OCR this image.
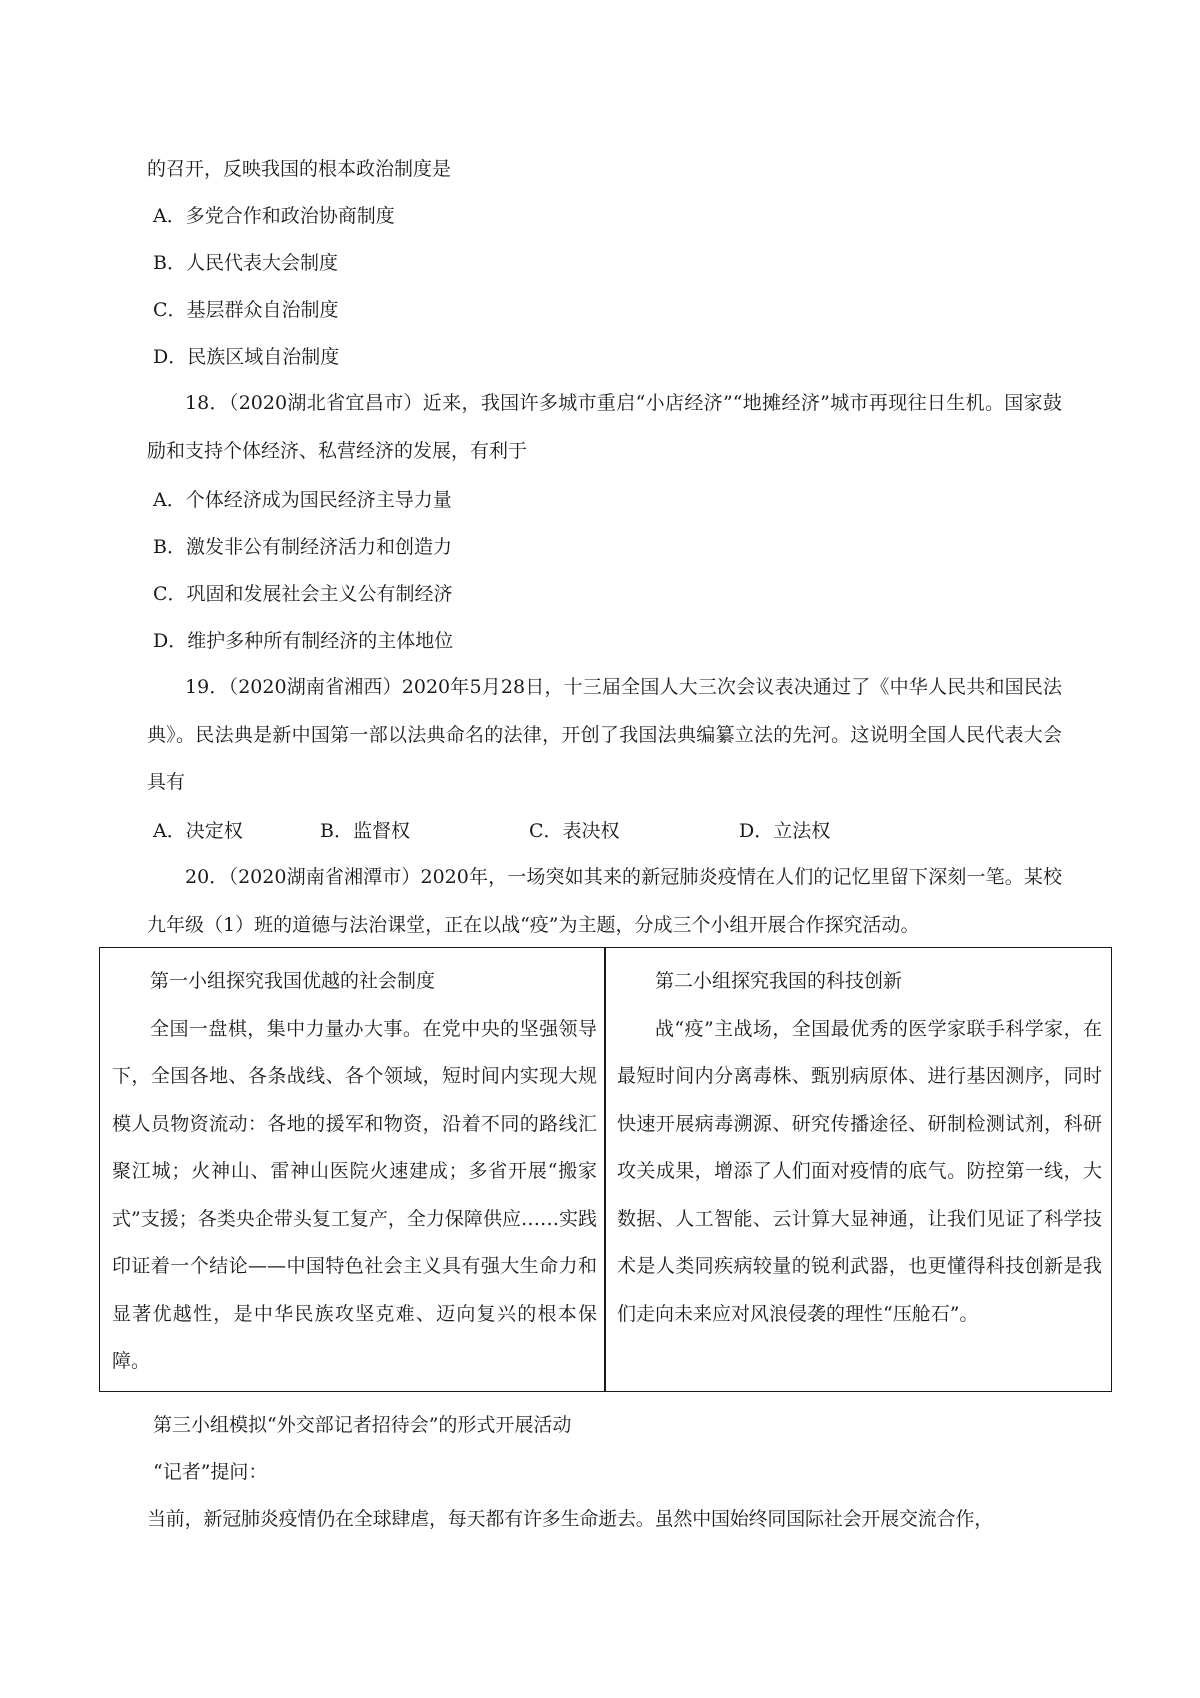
的召开，反映我国的根本政治制度是
A．多党合作和政治协商制度
B．人民代表大会制度
C．基层群众自治制度
D．民族区域自治制度
18．（2020湖北省宜昌市）近来，我国许多城市重启“小店经济”“地摊经济”城市再现往日生机。国家鼓励和支持个体经济、私营经济的发展，有利于
A．个体经济成为国民经济主导力量
B．激发非公有制经济活力和创造力
C．巩固和发展社会主义公有制经济
D．维护多种所有制经济的主体地位
19．（2020湖南省湘西）2020年5月28日，十三届全国人大三次会议表决通过了《中华人民共和国民法典》。民法典是新中国第一部以法典命名的法律，开创了我国法典编纂立法的先河。这说明全国人民代表大会具有
A．决定权	B．监督权	C．表决权	D．立法权
20．（2020湖南省湘潭市）2020年，一场突如其来的新冠肺炎疫情在人们的记忆里留下深刻一笔。某校九年级（1）班的道德与法治课堂，正在以战“疫”为主题，分成三个小组开展合作探究活动。
第一小组探究我国优越的社会制度
全国一盘棋，集中力量办大事。在党中央的坚强领导下，全国各地、各条战线、各个领域，短时间内实现大规模人员物资流动：各地的援军和物资，沿着不同的路线汇聚江城；火神山、雷神山医院火速建成；多省开展“搬家式”支援；各类央企带头复工复产，全力保障供应……实践印证着一个结论——中国特色社会主义具有强大生命力和显著优越性，是中华民族攻坚克难、迈向复兴的根本保障。
第二小组探究我国的科技创新
战“疫”主战场，全国最优秀的医学家联手科学家，在最短时间内分离毒株、甄别病原体、进行基因测序，同时快速开展病毒溯源、研究传播途径、研制检测试剂，科研攻关成果，增添了人们面对疫情的底气。防控第一线，大数据、人工智能、云计算大显神通，让我们见证了科学技术是人类同疾病较量的锐利武器，也更懂得科技创新是我们走向未来应对风浪侵袭的理性“压舱石”。
第三小组模拟“外交部记者招待会”的形式开展活动
“记者”提问：
当前，新冠肺炎疫情仍在全球肆虐，每天都有许多生命逝去。虽然中国始终同国际社会开展交流合作，
